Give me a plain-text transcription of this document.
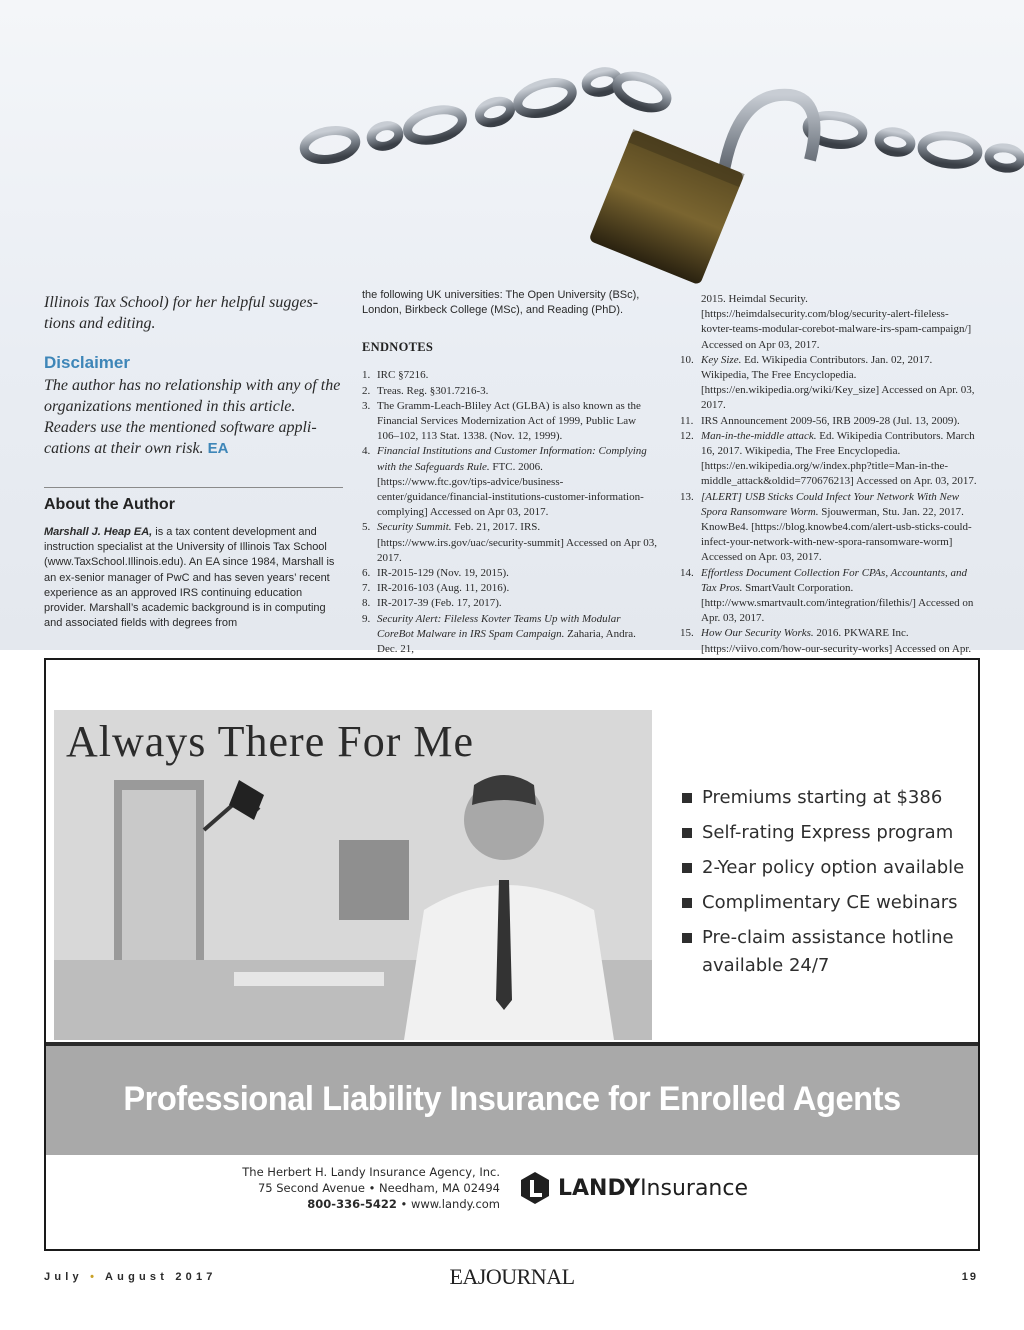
Illinois Tax School) for her helpful sugges- tions and editing.

Disclaimer

The author has no relationship with any of the organizations mentioned in this article. Readers use the mentioned software appli- cations at their own risk. EA

About the Author

Marshall J. Heap EA, is a tax content development and instruction specialist at the University of Illinois Tax School (www.TaxSchool.Illinois.edu). An EA since 1984, Marshall is an ex-senior manager of PwC and has seven years’ recent experience as an approved IRS continuing education provider. Marshall’s academic background is in computing and associated fields with degrees from

the following UK universities: The Open University (BSc), London, Birkbeck College (MSc), and Reading (PhD).

ENDNOTES
1. IRC §7216.
2. Treas. Reg. §301.7216-3.
3. The Gramm-Leach-Bliley Act (GLBA) is also known as the Financial Services Modernization Act of 1999, Public Law 106–102, 113 Stat. 1338. (Nov. 12, 1999).
4. Financial Institutions and Customer Information: Complying with the Safeguards Rule. FTC. 2006. [https://www.ftc.gov/tips-advice/business-center/guidance/financial-institutions-customer-information-complying] Accessed on Apr 03, 2017.
5. Security Summit. Feb. 21, 2017. IRS. [https://www.irs.gov/uac/security-summit] Accessed on Apr 03, 2017.
6. IR-2015-129 (Nov. 19, 2015).
7. IR-2016-103 (Aug. 11, 2016).
8. IR-2017-39 (Feb. 17, 2017).
9. Security Alert: Fileless Kovter Teams Up with Modular CoreBot Malware in IRS Spam Campaign. Zaharia, Andra. Dec. 21,
2015. Heimdal Security. [https://heimdalsecurity.com/blog/security-alert-fileless-kovter-teams-modular-corebot-malware-irs-spam-campaign/] Accessed on Apr 03, 2017.
10. Key Size. Ed. Wikipedia Contributors. Jan. 02, 2017. Wikipedia, The Free Encyclopedia. [https://en.wikipedia.org/wiki/Key_size] Accessed on Apr. 03, 2017.
11. IRS Announcement 2009-56, IRB 2009-28 (Jul. 13, 2009).
12. Man-in-the-middle attack. Ed. Wikipedia Contributors. March 16, 2017. Wikipedia, The Free Encyclopedia. [https://en.wikipedia.org/w/index.php?title=Man-in-the-middle_attack&oldid=770676213] Accessed on Apr. 03, 2017.
13. [ALERT] USB Sticks Could Infect Your Network With New Spora Ransomware Worm. Sjouwerman, Stu. Jan. 22, 2017. KnowBe4. [https://blog.knowbe4.com/alert-usb-sticks-could-infect-your-network-with-new-spora-ransomware-worm] Accessed on Apr. 03, 2017.
14. Effortless Document Collection For CPAs, Accountants, and Tax Pros. SmartVault Corporation. [http://www.smartvault.com/integration/filethis/] Accessed on Apr. 03, 2017.
15. How Our Security Works. 2016. PKWARE Inc. [https://viivo.com/how-our-security-works] Accessed on Apr.
Always There For Me
Premiums starting at $386
Self-rating Express program
2-Year policy option available
Complimentary CE webinars
Pre-claim assistance hotline available 24/7
Professional Liability Insurance for Enrolled Agents
The Herbert H. Landy Insurance Agency, Inc.
75 Second Avenue • Needham, MA 02494
800-336-5422 • www.landy.com
LANDYInsurance
July • August 2017	EAJOURNAL	19
